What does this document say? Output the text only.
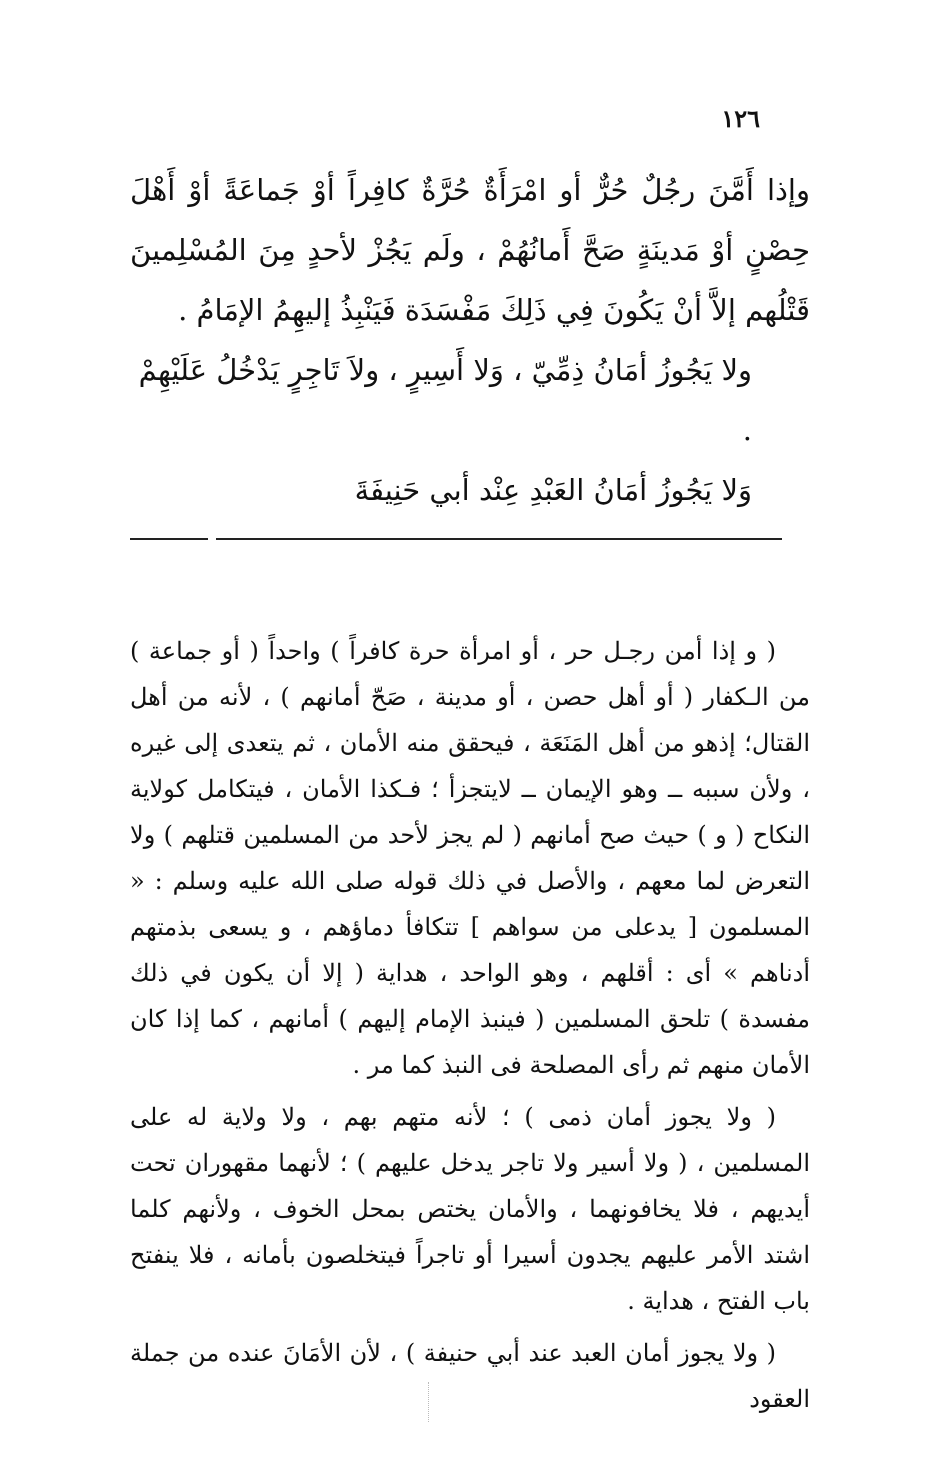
١٢٦

وإذا أَمَّنَ رجُلٌ حُرٌّ أو امْرَأَةٌ حُرَّةٌ كافِراً أوْ جَماعَةً أوْ أَهْلَ حِصْنٍ أوْ مَدينَةٍ صَحَّ أَمانُهُمْ ، ولَم يَجُزْ لأحدٍ مِنَ المُسْلِمينَ قَتْلُهم إلاَّ أنْ يَكُونَ فِي ذَلِكَ مَفْسَدَة فَيَنْبِذُ إليهِمُ الإمَامُ .

ولا يَجُوزُ أمَانُ ذِمِّيّ ، وَلا أَسِيرٍ ، ولاَ تَاجِرٍ يَدْخُلُ عَلَيْهِمْ .

وَلا يَجُوزُ أمَانُ العَبْدِ عِنْد أبي حَنِيفَةَ

( و إذا أمن رجـل حر ، أو امرأة حرة كافراً ) واحداً ( أو جماعة ) من الـكفار ( أو أهل حصن ، أو مدينة ، صَحّ أمانهم ) ، لأنه من أهل القتال؛ إذهو من أهل المَنَعَة ، فيحقق منه الأمان ، ثم يتعدى إلى غيره ، ولأن سببه ــ وهو الإيمان ــ لايتجزأ ؛ فـكذا الأمان ، فيتكامل كولاية النكاح ( و ) حيث صح أمانهم ( لم يجز لأحد من المسلمين قتلهم ) ولا التعرض لما معهم ، والأصل في ذلك قوله صلى الله عليه وسلم : « المسلمون [ يدعلى من سواهم ] تتكافأ دماؤهم ، و يسعى بذمتهم أدناهم » أى : أقلهم ، وهو الواحد ، هداية ( إلا أن يكون في ذلك مفسدة ) تلحق المسلمين ( فينبذ الإمام إليهم ) أمانهم ، كما إذا كان الأمان منهم ثم رأى المصلحة فى النبذ كما مر .

( ولا يجوز أمان ذمى ) ؛ لأنه متهم بهم ، ولا ولاية له على المسلمين ، ( ولا أسير ولا تاجر يدخل عليهم ) ؛ لأنهما مقهوران تحت أيديهم ، فلا يخافونهما ، والأمان يختص بمحل الخوف ، ولأنهم كلما اشتد الأمر عليهم يجدون أسيرا أو تاجراً فيتخلصون بأمانه ، فلا ينفتح باب الفتح ، هداية .

( ولا يجوز أمان العبد عند أبي حنيفة ) ، لأن الأمَانَ عنده من جملة العقود
